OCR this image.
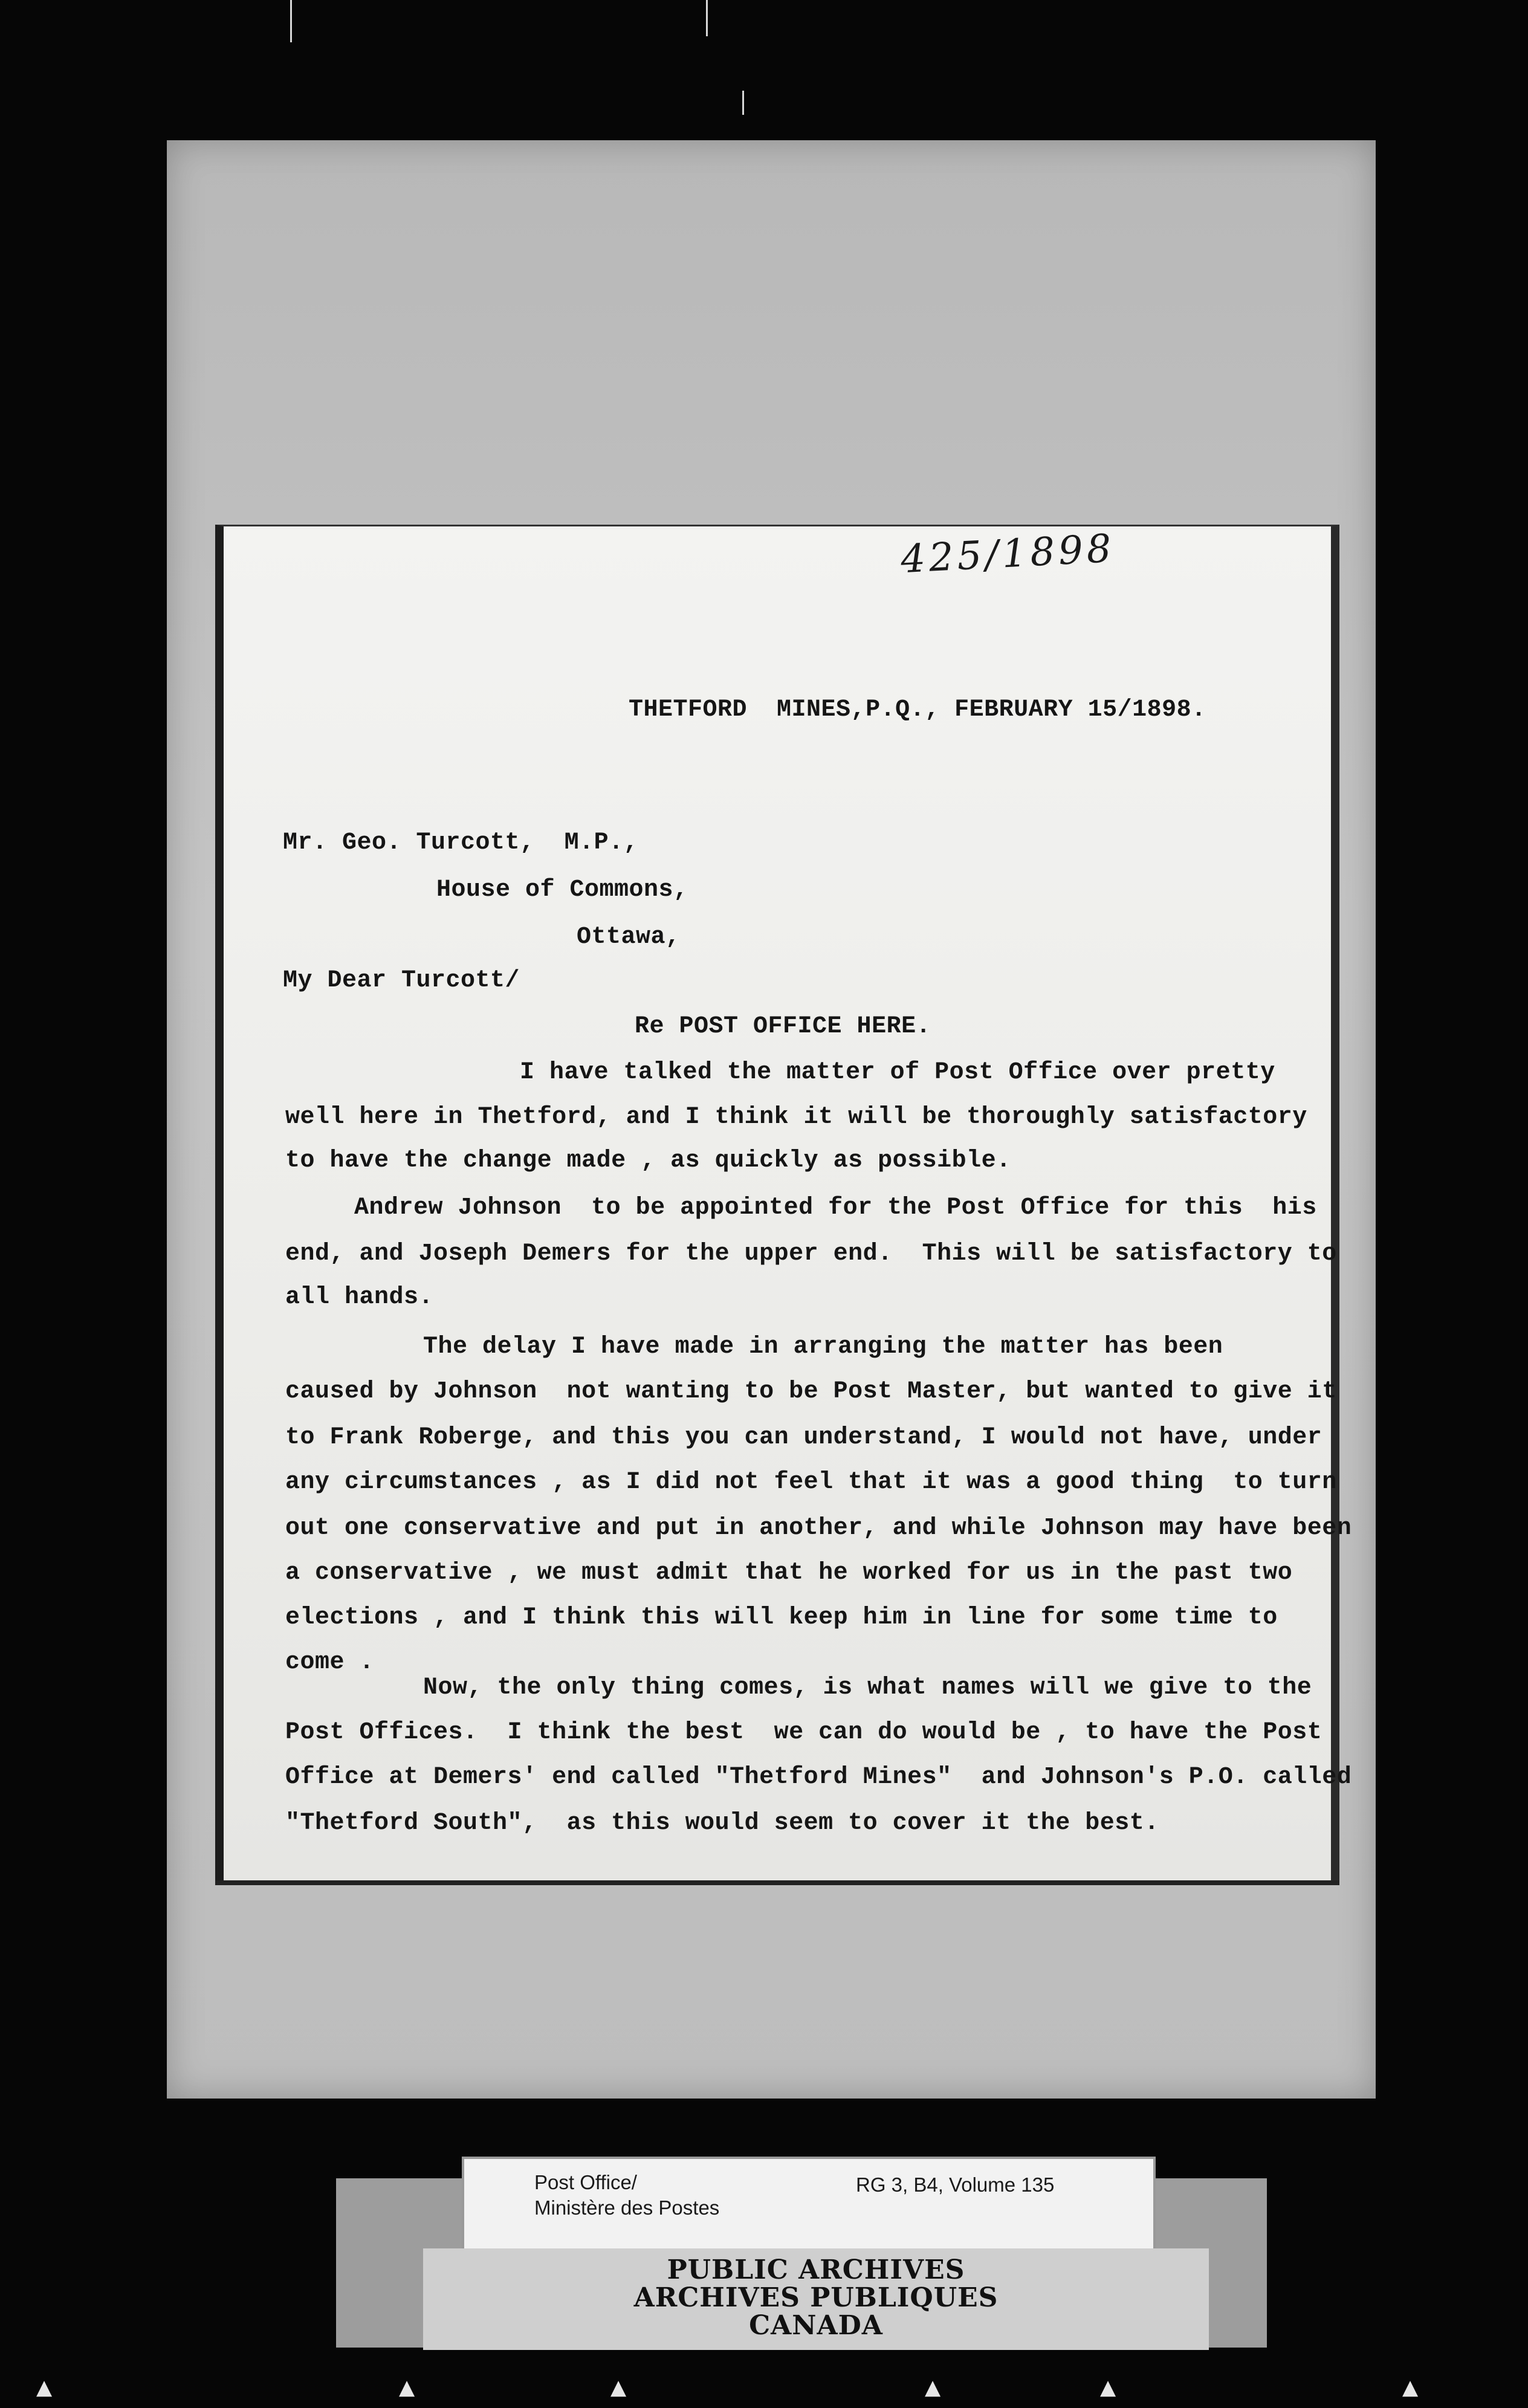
425/1898
THETFORD  MINES,P.Q., FEBRUARY 15/1898.
Mr. Geo. Turcott,  M.P.,
House of Commons,
Ottawa,
My Dear Turcott/
Re POST OFFICE HERE.
I have talked the matter of Post Office over pretty
well here in Thetford, and I think it will be thoroughly satisfactory
to have the change made , as quickly as possible.
Andrew Johnson  to be appointed for the Post Office for this  his
end, and Joseph Demers for the upper end.  This will be satisfactory to
all hands.
The delay I have made in arranging the matter has been
caused by Johnson  not wanting to be Post Master, but wanted to give it
to Frank Roberge, and this you can understand, I would not have, under
any circumstances , as I did not feel that it was a good thing  to turn
out one conservative and put in another, and while Johnson may have been
a conservative , we must admit that he worked for us in the past two
elections , and I think this will keep him in line for some time to
come .
Now, the only thing comes, is what names will we give to the
Post Offices.  I think the best  we can do would be , to have the Post
Office at Demers' end called "Thetford Mines"  and Johnson's P.O. called
"Thetford South",  as this would seem to cover it the best.
Post Office/
Ministère des Postes
RG 3, B4, Volume 135
PUBLIC ARCHIVES
ARCHIVES PUBLIQUES
CANADA
▲	▲	▲	▲	▲	▲
